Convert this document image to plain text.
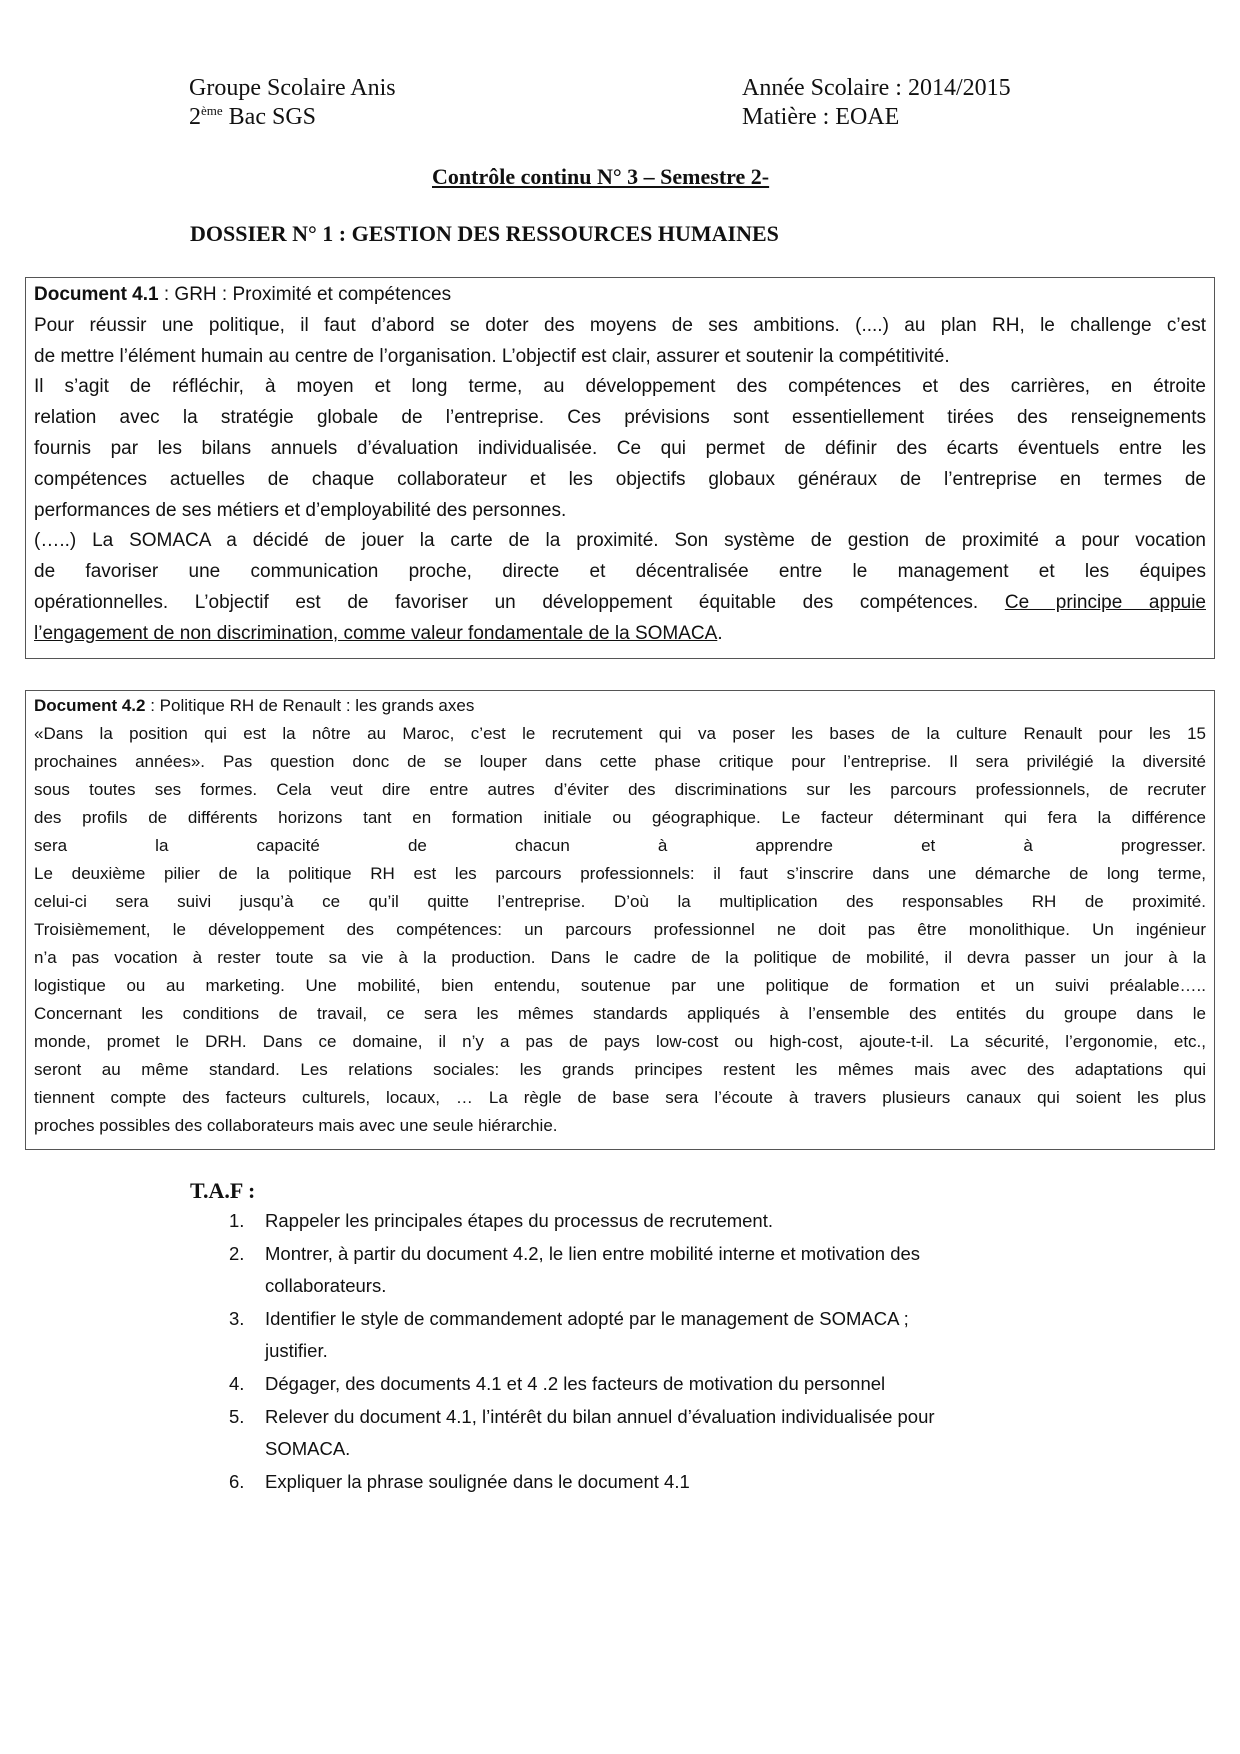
Groupe Scolaire Anis
2ème Bac SGS
Année Scolaire : 2014/2015
Matière : EOAE
Contrôle continu N° 3 – Semestre 2-
DOSSIER N° 1 : GESTION DES RESSOURCES HUMAINES
Document 4.1 : GRH : Proximité et compétences
Pour réussir une politique, il faut d’abord se doter des moyens de ses ambitions. (....) au plan RH, le challenge c’est
de mettre l’élément humain au centre de l’organisation. L’objectif est clair, assurer et soutenir la compétitivité.
Il s’agit de réfléchir, à moyen et long terme, au développement des compétences et des carrières, en étroite
relation avec la stratégie globale de l’entreprise. Ces prévisions sont essentiellement tirées des renseignements
fournis par les bilans annuels d’évaluation individualisée. Ce qui permet de définir des écarts éventuels entre les
compétences actuelles de chaque collaborateur et les objectifs globaux généraux de l’entreprise en termes de
performances de ses métiers et d’employabilité des personnes.
(…..) La SOMACA a décidé de jouer la carte de la proximité. Son système de gestion de proximité a pour vocation
de favoriser une communication proche, directe et décentralisée entre le management et les équipes
opérationnelles. L’objectif est de favoriser un développement équitable des compétences. Ce principe appuie
l’engagement de non discrimination, comme valeur fondamentale de la SOMACA.
Document 4.2 : Politique RH de Renault : les grands axes
«Dans la position qui est la nôtre au Maroc, c’est le recrutement qui va poser les bases de la culture Renault pour les 15
prochaines années». Pas question donc de se louper dans cette phase critique pour l’entreprise. Il sera privilégié la diversité
sous toutes ses formes. Cela veut dire entre autres d’éviter des discriminations sur les parcours professionnels, de recruter
des profils de différents horizons tant en formation initiale ou géographique. Le facteur déterminant qui fera la différence
sera la capacité de chacun à apprendre et à progresser.
Le deuxième pilier de la politique RH est les parcours professionnels: il faut s’inscrire dans une démarche de long terme,
celui-ci sera suivi jusqu’à ce qu’il quitte l’entreprise. D’où la multiplication des responsables RH de proximité.
Troisièmement, le développement des compétences: un parcours professionnel ne doit pas être monolithique. Un ingénieur
n’a pas vocation à rester toute sa vie à la production. Dans le cadre de la politique de mobilité, il devra passer un jour à la
logistique ou au marketing. Une mobilité, bien entendu, soutenue par une politique de formation et un suivi préalable…..
Concernant les conditions de travail, ce sera les mêmes standards appliqués à l’ensemble des entités du groupe dans le
monde, promet le DRH. Dans ce domaine, il n’y a pas de pays low-cost ou high-cost, ajoute-t-il. La sécurité, l’ergonomie, etc.,
seront au même standard. Les relations sociales: les grands principes restent les mêmes mais avec des adaptations qui
tiennent compte des facteurs culturels, locaux, … La règle de base sera l’écoute à travers plusieurs canaux qui soient les plus
proches possibles des collaborateurs mais avec une seule hiérarchie.
T.A.F :
1. Rappeler les principales étapes du processus de recrutement.
2. Montrer, à partir du document 4.2, le lien entre mobilité interne et motivation des
collaborateurs.
3. Identifier le style de commandement adopté par le management de SOMACA ;
justifier.
4. Dégager, des documents 4.1 et 4 .2 les facteurs de motivation du personnel
5. Relever du document 4.1, l’intérêt du bilan annuel d’évaluation individualisée pour
SOMACA.
6. Expliquer la phrase soulignée dans le document 4.1
